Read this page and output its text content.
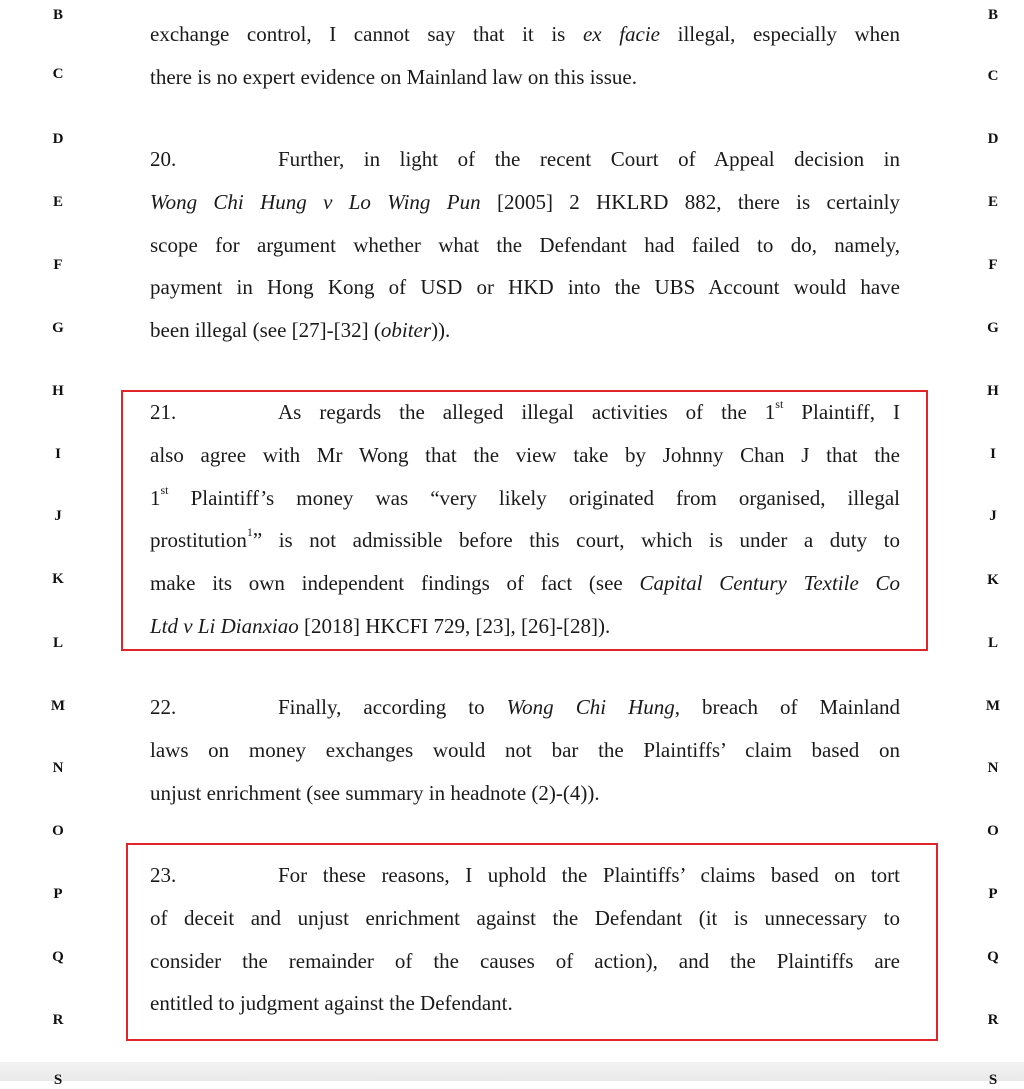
B
C
D
E
F
G
H
I
J
K
L
M
N
O
P
Q
R
B
C
D
E
F
G
H
I
J
K
L
M
N
O
P
Q
R
exchange control, I cannot say that it is ex facie illegal, especially when
there is no expert evidence on Mainland law on this issue.
20.	Further, in light of the recent Court of Appeal decision in
Wong Chi Hung v Lo Wing Pun [2005] 2 HKLRD 882, there is certainly
scope for argument whether what the Defendant had failed to do, namely,
payment in Hong Kong of USD or HKD into the UBS Account would have
been illegal (see [27]-[32] (obiter)).
21.	As regards the alleged illegal activities of the 1st Plaintiff, I
also agree with Mr Wong that the view take by Johnny Chan J that the
1st Plaintiff’s money was “very likely originated from organised, illegal
prostitution$^1$” is not admissible before this court, which is under a duty to
make its own independent findings of fact (see Capital Century Textile Co
Ltd v Li Dianxiao [2018] HKCFI 729, [23], [26]-[28]).
22.	Finally, according to Wong Chi Hung, breach of Mainland
laws on money exchanges would not bar the Plaintiffs’ claim based on
unjust enrichment (see summary in headnote (2)-(4)).
23.	For these reasons, I uphold the Plaintiffs’ claims based on tort
of deceit and unjust enrichment against the Defendant (it is unnecessary to
consider the remainder of the causes of action), and the Plaintiffs are
entitled to judgment against the Defendant.
S	S
